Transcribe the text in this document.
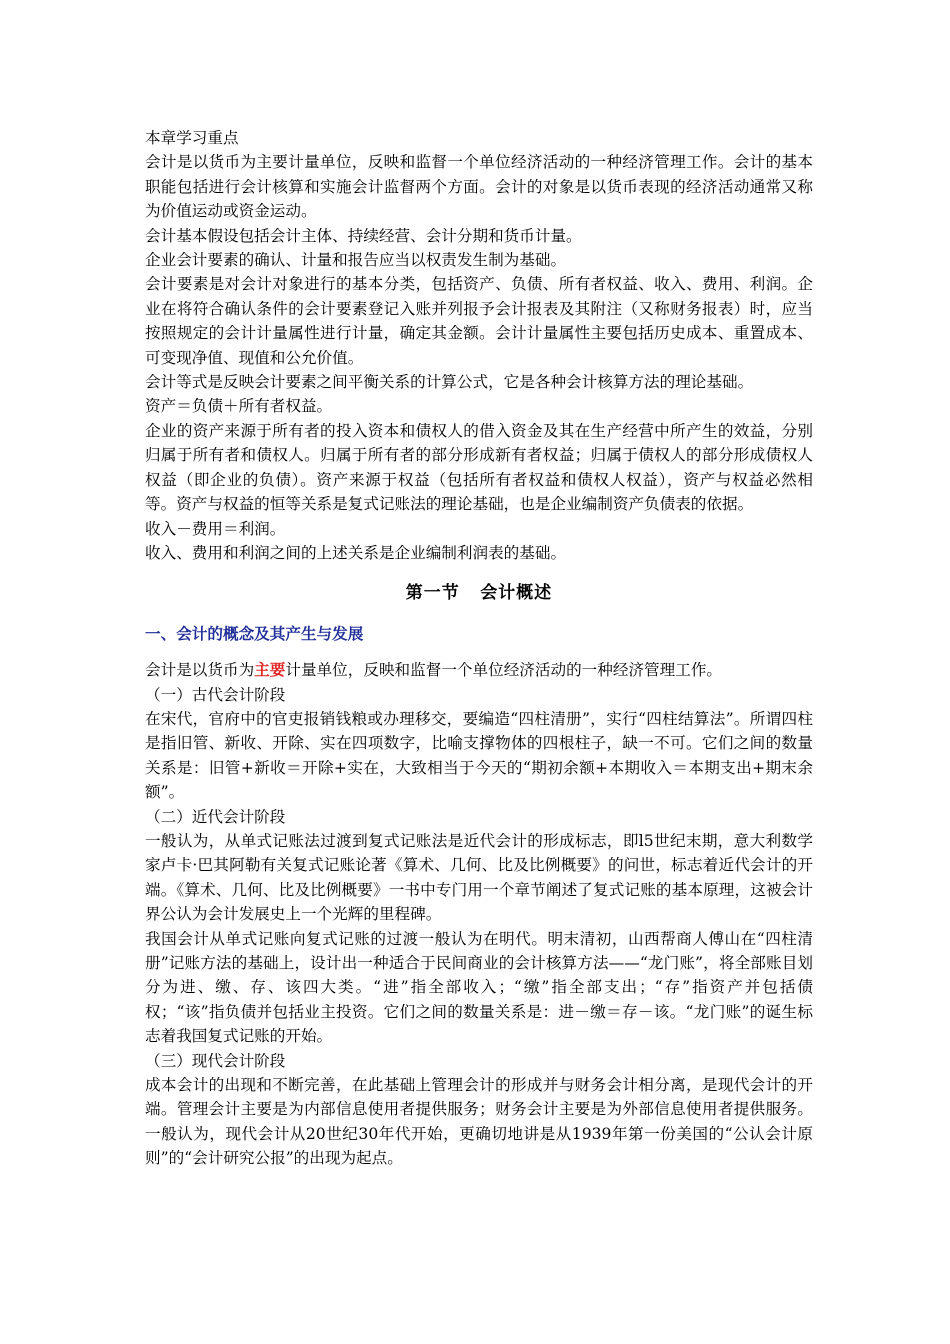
本章学习重点

会计是以货币为主要计量单位，反映和监督一个单位经济活动的一种经济管理工作。会计的基本职能包括进行会计核算和实施会计监督两个方面。会计的对象是以货币表现的经济活动通常又称为价值运动或资金运动。

会计基本假设包括会计主体、持续经营、会计分期和货币计量。

企业会计要素的确认、计量和报告应当以权责发生制为基础。

会计要素是对会计对象进行的基本分类，包括资产、负债、所有者权益、收入、费用、利润。企业在将符合确认条件的会计要素登记入账并列报予会计报表及其附注（又称财务报表）时，应当按照规定的会计计量属性进行计量，确定其金额。会计计量属性主要包括历史成本、重置成本、可变现净值、现值和公允价值。

会计等式是反映会计要素之间平衡关系的计算公式，它是各种会计核算方法的理论基础。

资产＝负债＋所有者权益。

企业的资产来源于所有者的投入资本和债权人的借入资金及其在生产经营中所产生的效益，分别归属于所有者和债权人。归属于所有者的部分形成新有者权益；归属于债权人的部分形成债权人权益（即企业的负债）。资产来源于权益（包括所有者权益和债权人权益），资产与权益必然相等。资产与权益的恒等关系是复式记账法的理论基础，也是企业编制资产负债表的依据。

收入－费用＝利润。

收入、费用和利润之间的上述关系是企业编制利润表的基础。

第一节 会计概述

一、会计的概念及其产生与发展

会计是以货币为主要计量单位，反映和监督一个单位经济活动的一种经济管理工作。

（一）古代会计阶段

在宋代，官府中的官吏报销钱粮或办理移交，要编造“四柱清册”，实行“四柱结算法”。所谓四柱是指旧管、新收、开除、实在四项数字，比喻支撑物体的四根柱子，缺一不可。它们之间的数量关系是：旧管+新收＝开除+实在，大致相当于今天的“期初余额+本期收入＝本期支出+期末余额”。

（二）近代会计阶段

一般认为，从单式记账法过渡到复式记账法是近代会计的形成标志，即l5世纪末期，意大利数学家卢卡·巴其阿勒有关复式记账论著《算术、几何、比及比例概要》的问世，标志着近代会计的开端。《算术、几何、比及比例概要》一书中专门用一个章节阐述了复式记账的基本原理，这被会计界公认为会计发展史上一个光辉的里程碑。

我国会计从单式记账向复式记账的过渡一般认为在明代。明末清初，山西帮商人傅山在“四柱清册”记账方法的基础上，设计出一种适合于民间商业的会计核算方法——“龙门账”，将全部账目划分为进、缴、存、该四大类。“进”指全部收入；“缴”指全部支出；“存”指资产并包括债权；“该”指负债并包括业主投资。它们之间的数量关系是：进－缴＝存－该。“龙门账”的诞生标志着我国复式记账的开始。

（三）现代会计阶段

成本会计的出现和不断完善，在此基础上管理会计的形成并与财务会计相分离，是现代会计的开端。管理会计主要是为内部信息使用者提供服务；财务会计主要是为外部信息使用者提供服务。一般认为，现代会计从20世纪30年代开始，更确切地讲是从1939年第一份美国的“公认会计原则”的“会计研究公报”的出现为起点。
